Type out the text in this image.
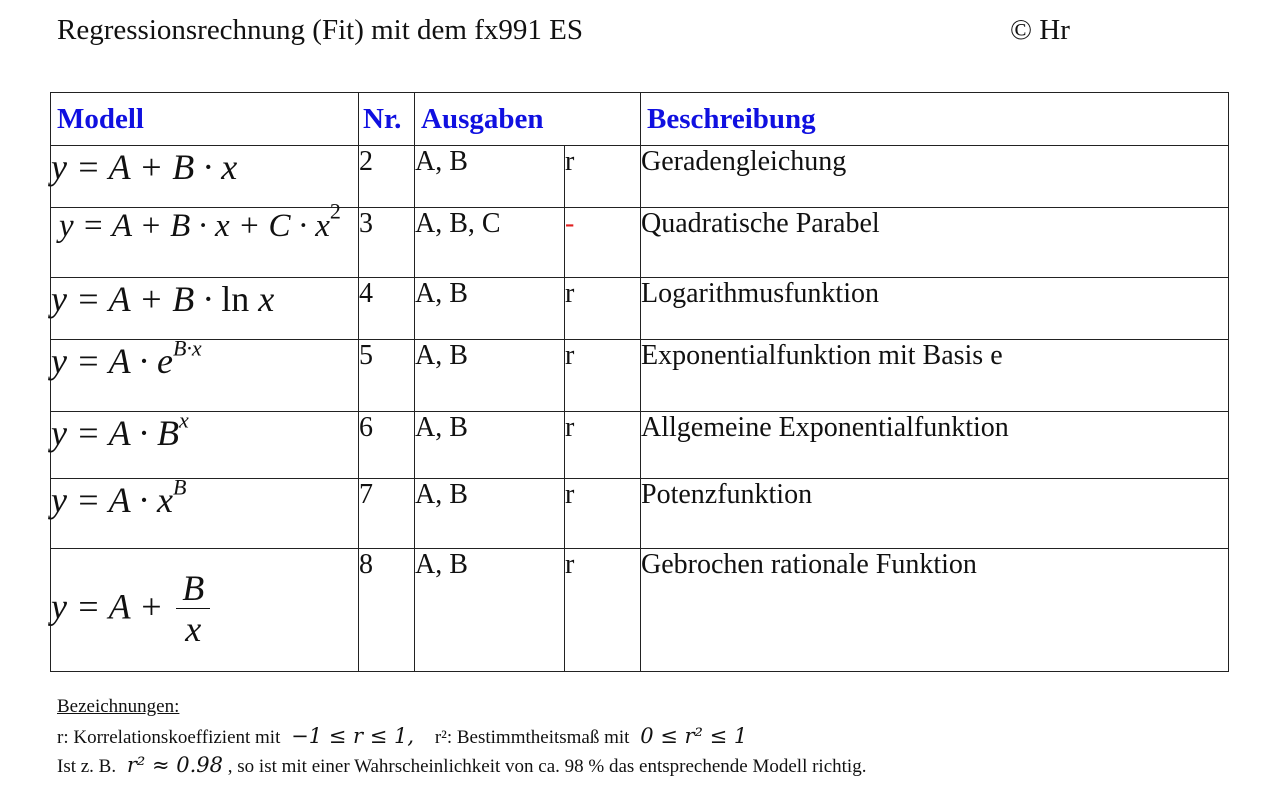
Regressionsrechnung (Fit) mit dem fx991 ES	© Hr
Modell	Nr.	Ausgaben		Beschreibung
y = A + B · x	2	A, B	r	Geradengleichung
$y = A + B \cdot x + C \cdot x^2$	3	A, B, C	-	Quadratische Parabel
y = A + B · ln x	4	A, B	r	Logarithmusfunktion
$y = A \cdot e^{B\cdot x}$	5	A, B	r	Exponentialfunktion mit Basis e
$y = A \cdot B^x$	6	A, B	r	Allgemeine Exponentialfunktion
$y = A \cdot x^B$	7	A, B	r	Potenzfunktion
$y = A + \frac{B}{x}$	8	A, B	r	Gebrochen rationale Funktion
Bezeichnungen:
r: Korrelationskoeffizient mit −1 ≤ r ≤ 1, r²: Bestimmtheitsmaß mit 0 ≤ r² ≤ 1
Ist z. B. r² ≈ 0.98 , so ist mit einer Wahrscheinlichkeit von ca. 98 % das entsprechende Modell richtig.
